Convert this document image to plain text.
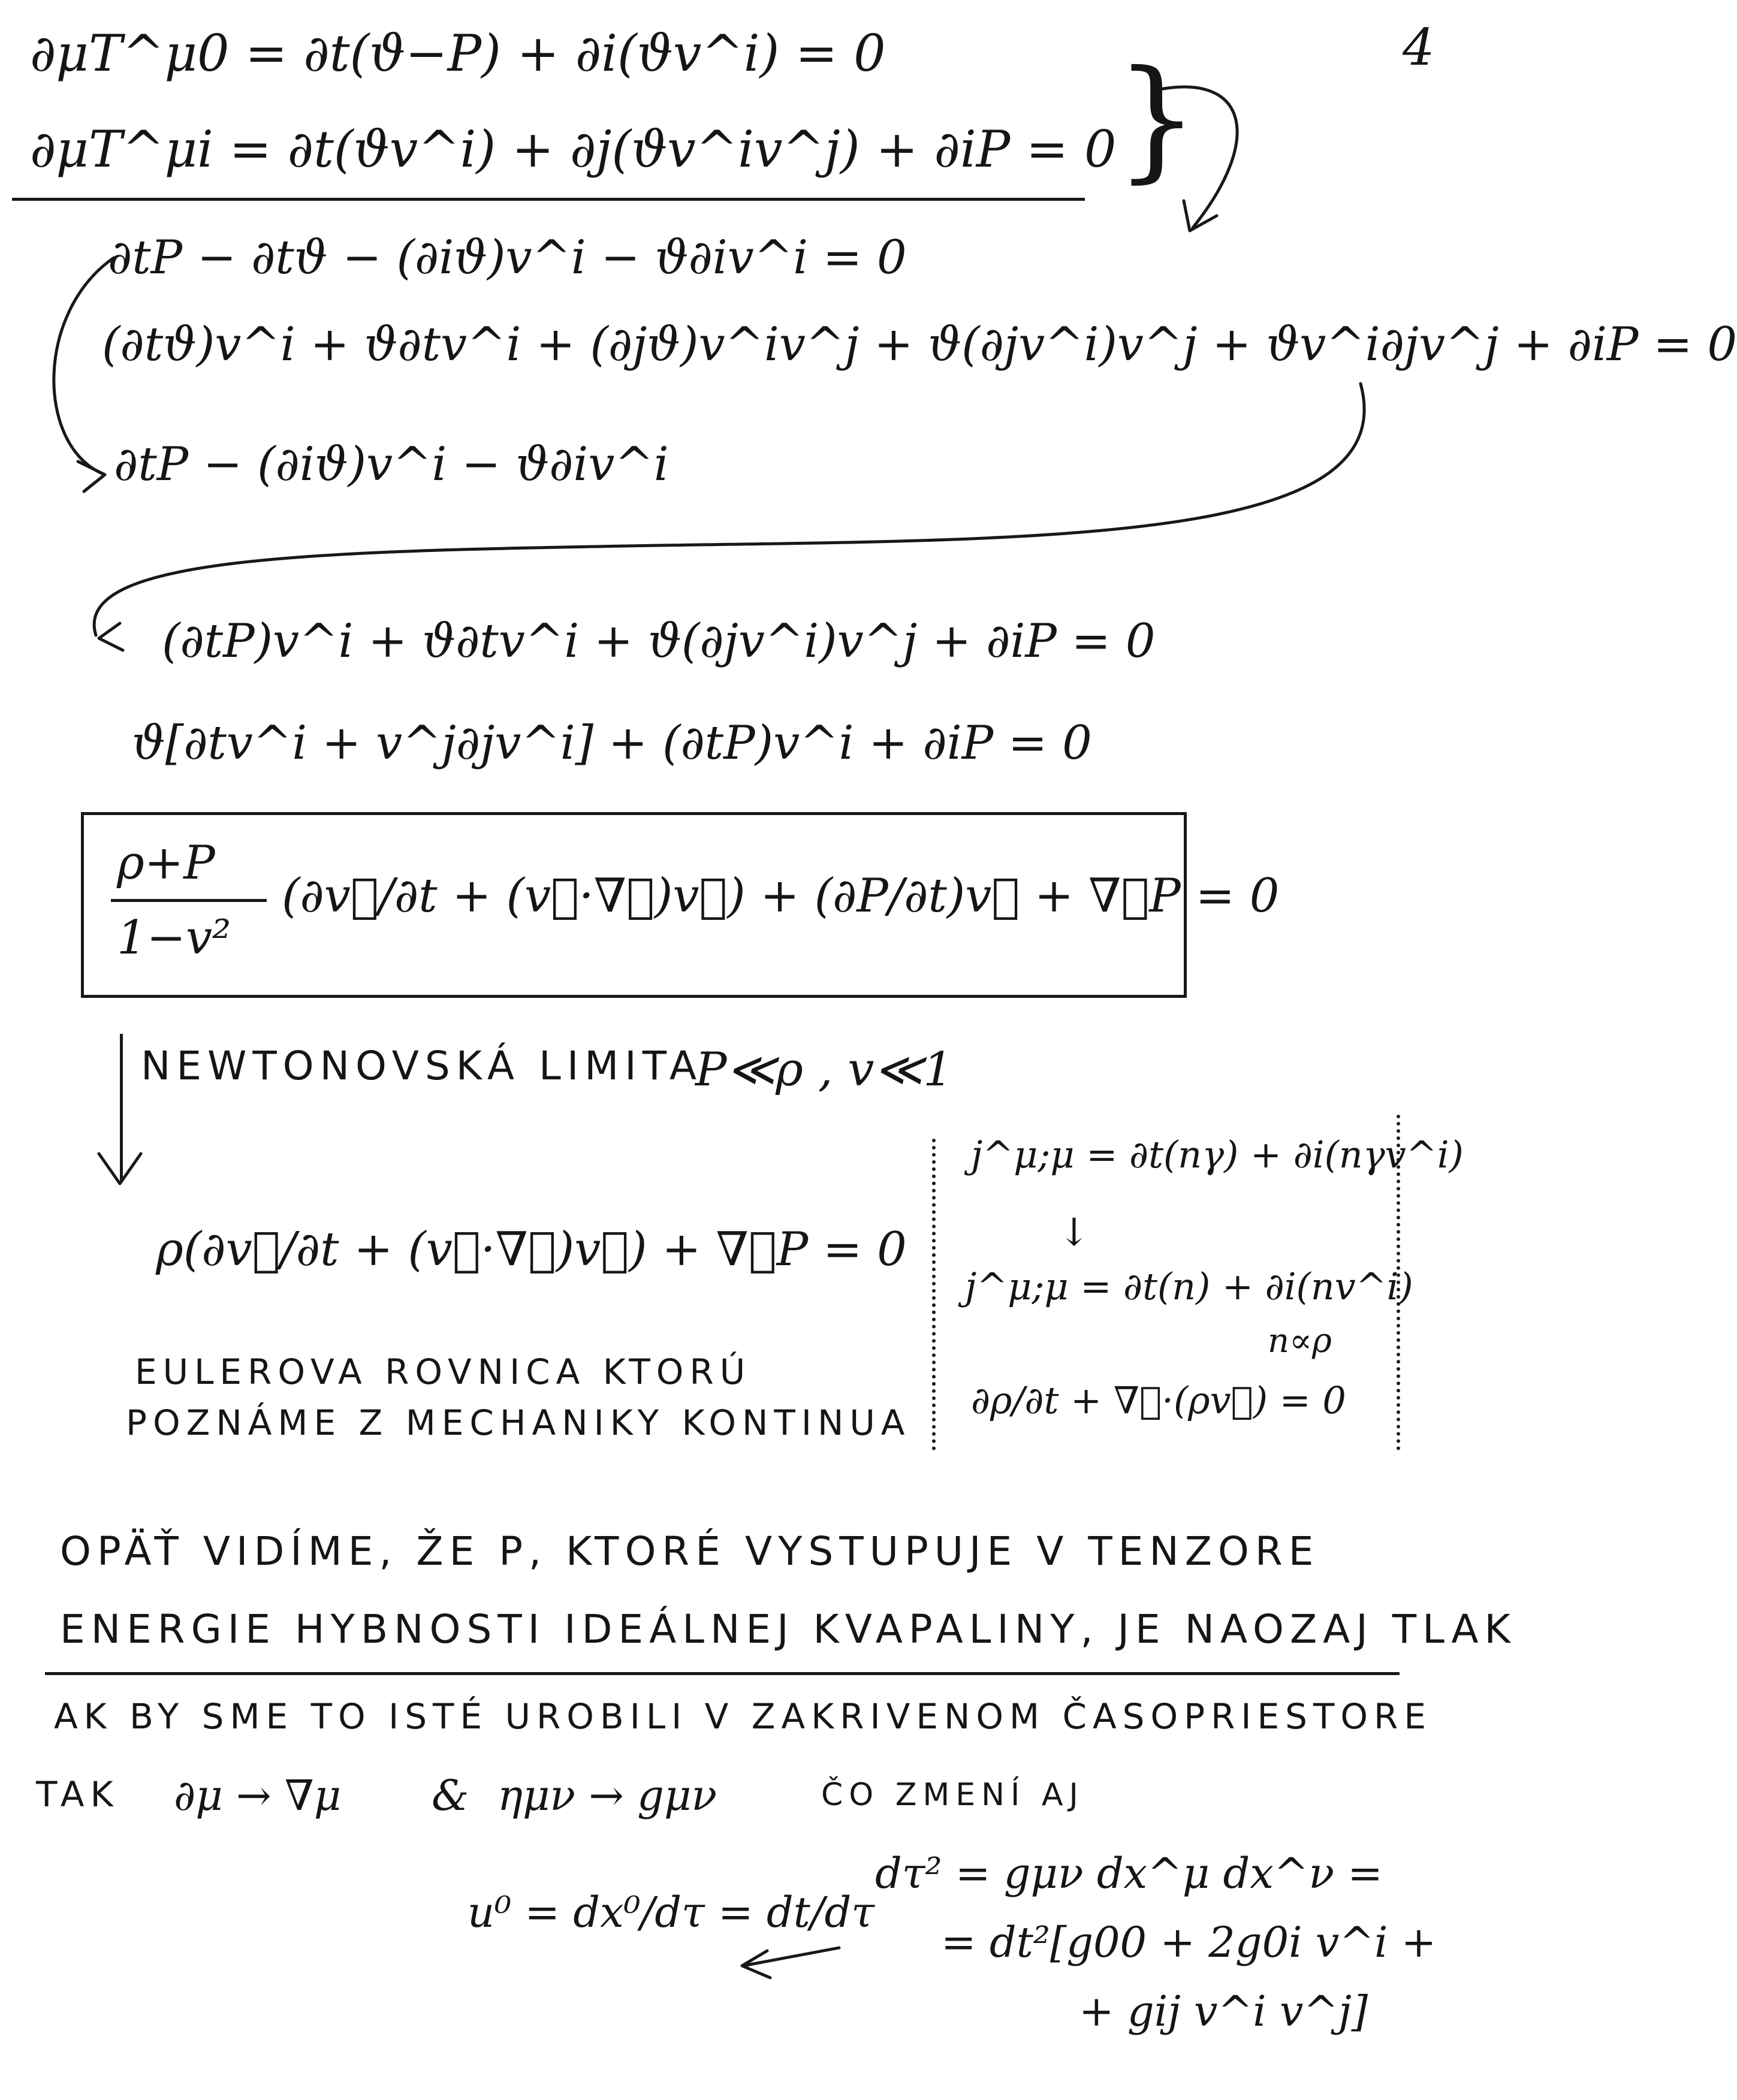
4
∂μT^μ0 = ∂t(ϑ−P) + ∂i(ϑv^i) = 0
∂μT^μi = ∂t(ϑv^i) + ∂j(ϑv^iv^j) + ∂iP = 0
}
∂tP − ∂tϑ − (∂iϑ)v^i − ϑ∂iv^i = 0
(∂tϑ)v^i + ϑ∂tv^i + (∂jϑ)v^iv^j + ϑ(∂jv^i)v^j + ϑv^i∂jv^j + ∂iP = 0
∂tP − (∂iϑ)v^i − ϑ∂iv^i
(∂tP)v^i + ϑ∂tv^i + ϑ(∂jv^i)v^j + ∂iP = 0
ϑ[∂tv^i + v^j∂jv^i] + (∂tP)v^i + ∂iP = 0
ρ+P
1−v²
(∂v⃗/∂t + (v⃗·∇⃗)v⃗) + (∂P/∂t)v⃗ + ∇⃗P = 0
NEWTONOVSKÁ LIMITA
P≪ρ , v≪1
ρ(∂v⃗/∂t + (v⃗·∇⃗)v⃗) + ∇⃗P = 0
EULEROVA ROVNICA KTORÚ
POZNÁME Z MECHANIKY KONTINUA
j^μ;μ = ∂t(nγ) + ∂i(nγv^i)
↓
j^μ;μ = ∂t(n) + ∂i(nv^i)
n∝ρ
∂ρ/∂t + ∇⃗·(ρv⃗) = 0
OPÄŤ VIDÍME, ŽE P, KTORÉ VYSTUPUJE V TENZORE
ENERGIE HYBNOSTI IDEÁLNEJ KVAPALINY, JE NAOZAJ TLAK
AK BY SME TO ISTÉ UROBILI V ZAKRIVENOM ČASOPRIESTORE
TAK ∂μ → ∇μ & ημν → gμν	ČO ZMENÍ AJ
u⁰ = dx⁰/dτ = dt/dτ
dτ² = gμν dx^μ dx^ν =
= dt²[g00 + 2g0i v^i +
+ gij v^i v^j]
